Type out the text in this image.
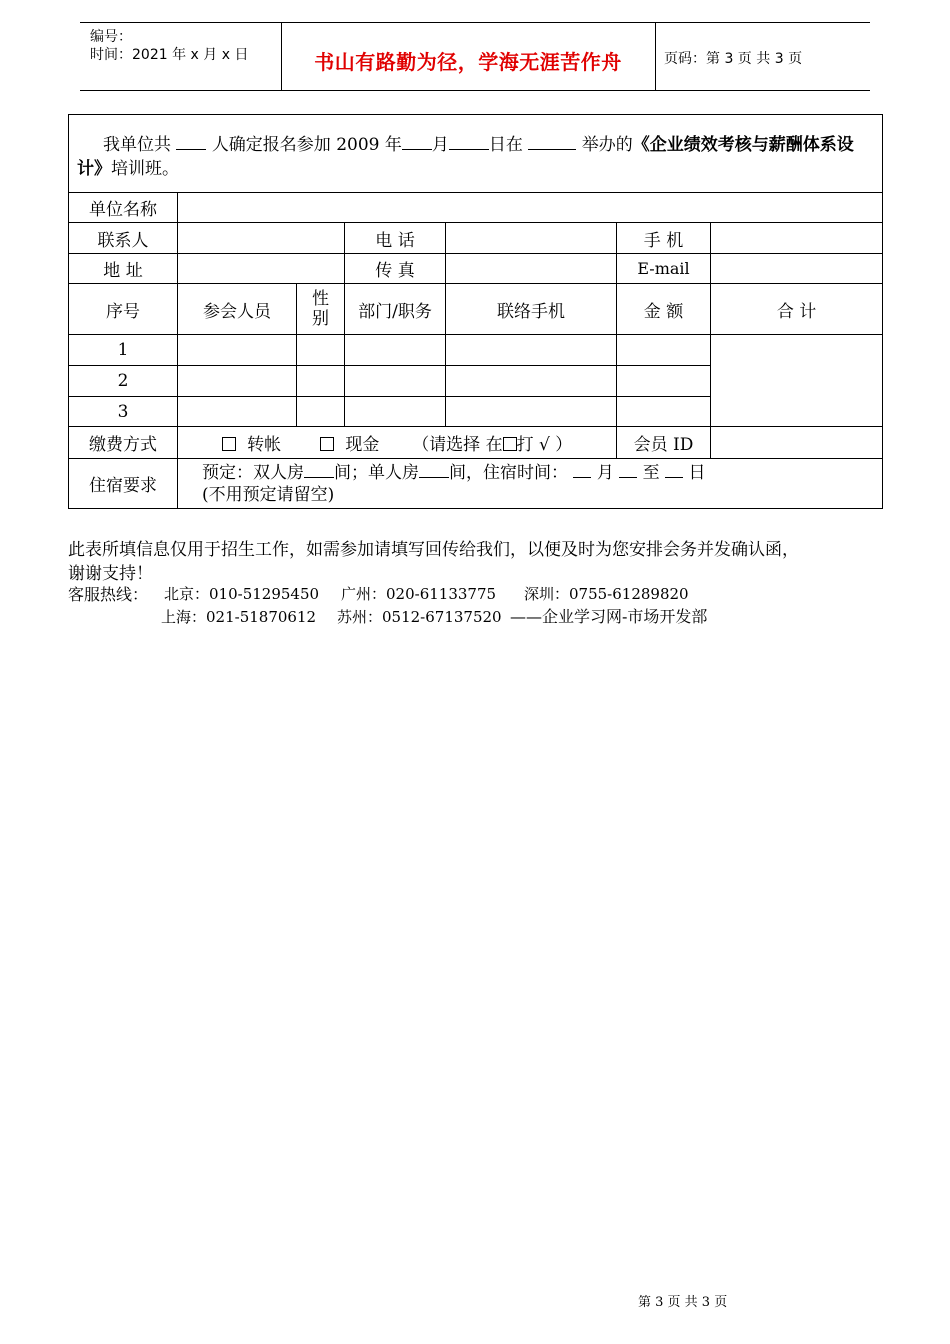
编号：
时间：2021 年 x 月 x 日	书山有路勤为径，学海无涯苦作舟	页码：第 3 页 共 3 页
我单位共 人确定报名参加 2009 年 月 日在 举办的《企业绩效考核与薪酬体系设计》培训班。						
单位名称						
联系人			电 话		手 机	
地 址			传 真		E-mail	
序号	参会人员	性别	部门/职务	联络手机	金 额	合 计
1						
2						
3						
缴费方式	转帐 现金 （请选择 在 打 √ ）				会员 ID	
住宿要求	预定：双人房 间；单人房 间，住宿时间： 月 至 日
(不用预定请留空)					
此表所填信息仅用于招生工作，如需参加请填写回传给我们，以便及时为您安排会务并发确认函，
谢谢支持！
客服热线： 北京：010-51295450 广州：020-61133775 深圳：0755-61289820
上海：021-51870612 苏州：0512-67137520 ——企业学习网-市场开发部
第 3 页 共 3 页
